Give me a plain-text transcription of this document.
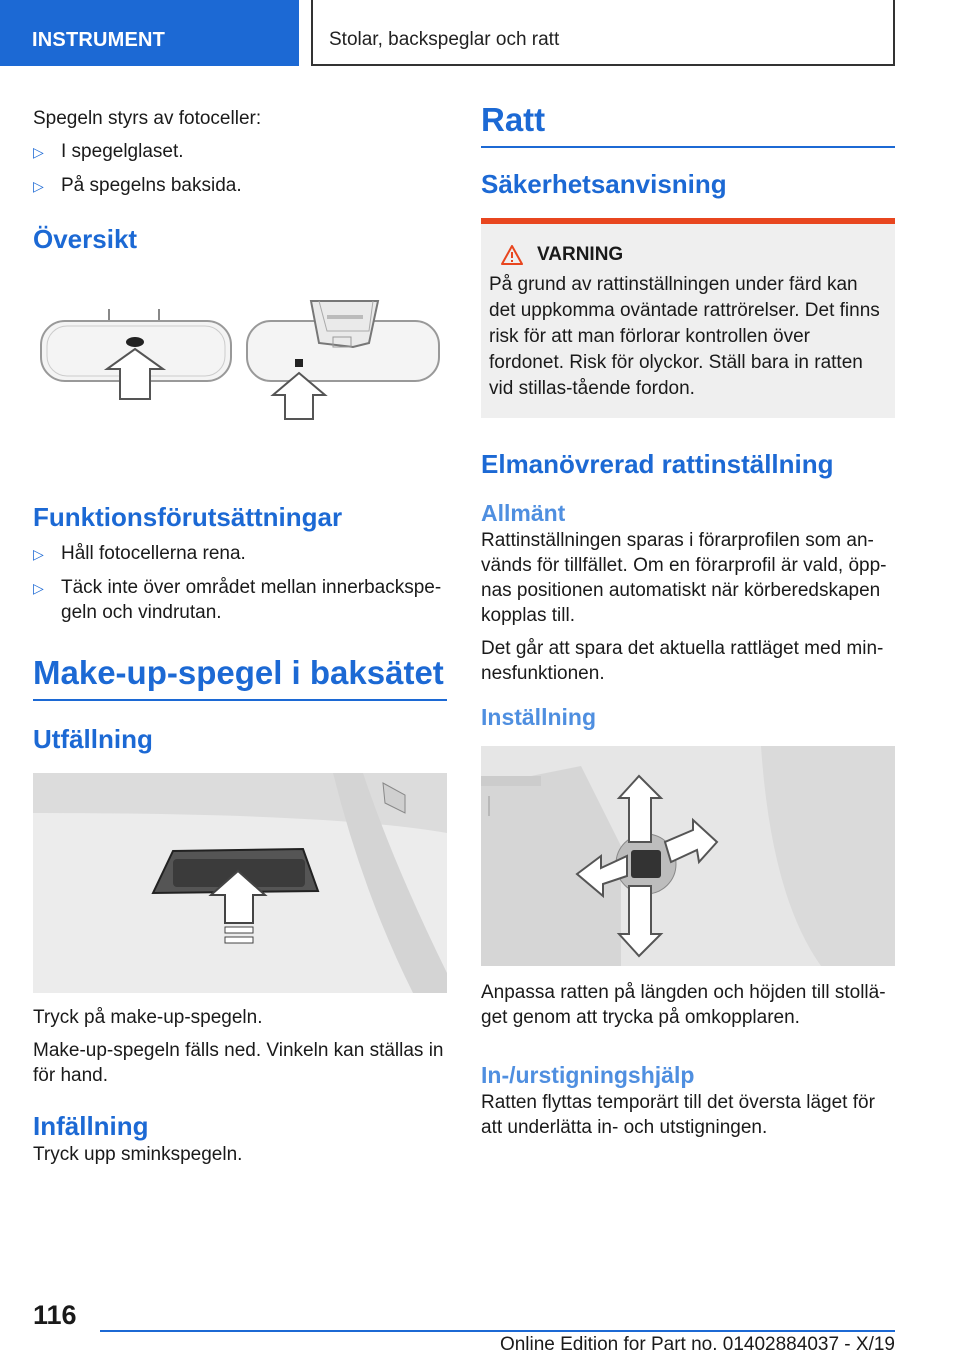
INSTRUMENT	Stolar, backspeglar och ratt
Spegeln styrs av fotoceller:
▷ I spegelglaset.
▷ På spegelns baksida.
Översikt
Funktionsförutsättningar
▷ Håll fotocellerna rena.
▷ Täck inte över området mellan innerbackspe-geln och vindrutan.
Make-up-spegel i baksätet
Utfällning
Tryck på make-up-spegeln.
Make-up-spegeln fälls ned. Vinkeln kan ställas in för hand.
Infällning
Tryck upp sminkspegeln.
Ratt
Säkerhetsanvisning
VARNING
På grund av rattinställningen under färd kan det uppkomma oväntade rattrörelser. Det finns risk för att man förlorar kontrollen över fordonet. Risk för olyckor. Ställ bara in ratten vid stillas-tående fordon.
Elmanövrerad rattinställning
Allmänt
Rattinställningen sparas i förarprofilen som an-vänds för tillfället. Om en förarprofil är vald, öpp-nas positionen automatiskt när körberedskapen kopplas till.
Det går att spara det aktuella rattläget med min-nesfunktionen.
Inställning
Anpassa ratten på längden och höjden till stollä-get genom att trycka på omkopplaren.
In-/urstigningshjälp
Ratten flyttas temporärt till det översta läget för att underlätta in- och utstigningen.
116
Online Edition for Part no. 01402884037 - X/19
